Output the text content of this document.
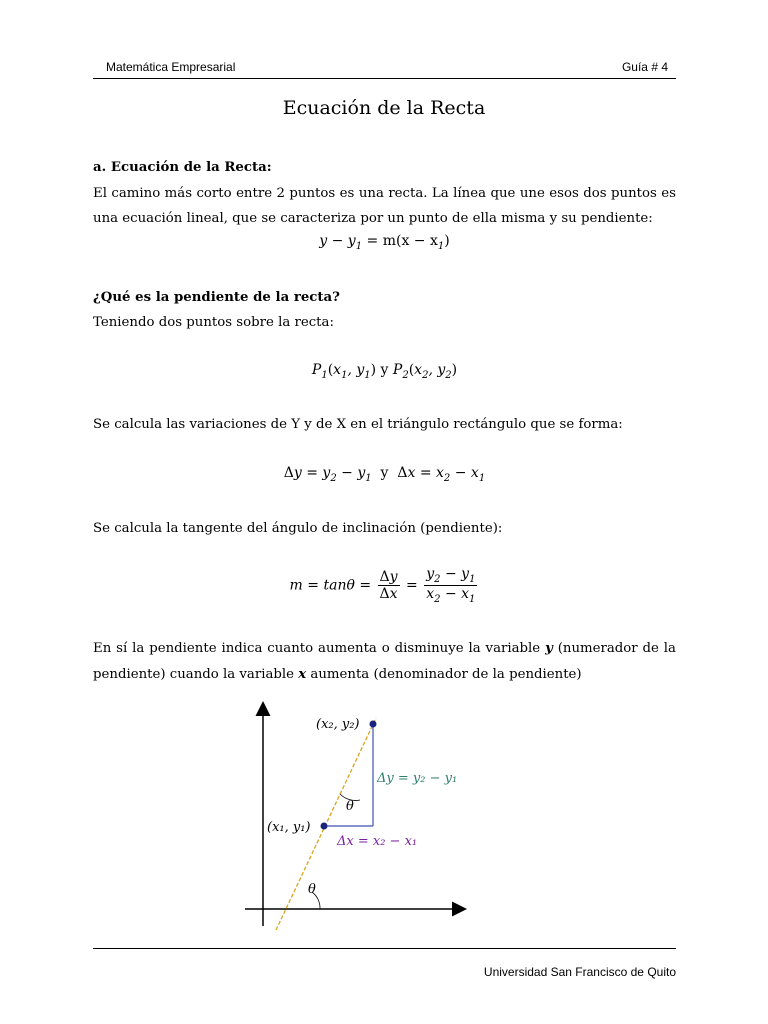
Matemática Empresarial	Guía # 4
Ecuación de la Recta
a. Ecuación de la Recta:
El camino más corto entre 2 puntos es una recta. La línea que une esos dos puntos es una ecuación lineal, que se caracteriza por un punto de ella misma y su pendiente:
$y - y_1 = m(x - x_1)$
¿Qué es la pendiente de la recta?
Teniendo dos puntos sobre la recta:
$P_1(x_1$, $y_1$) y $P_2(x_2$, $y_2$)
Se calcula las variaciones de Y y de X en el triángulo rectángulo que se forma:
$\Delta y = y_2 - y_1$  y  $\Delta x = x_2 - x_1$
Se calcula la tangente del ángulo de inclinación (pendiente):
$m = \tan\theta = \frac{\Delta y}{\Delta x} = \frac{y_2 - y_1}{x_2 - x_1}$
En sí la pendiente indica cuanto aumenta o disminuye la variable y (numerador de la pendiente) cuando la variable x aumenta (denominador de la pendiente)
(x₂, y₂)
(x₁, y₁)
Δy = y₂ − y₁
Δx = x₂ − x₁
θ
θ
Universidad San Francisco de Quito
